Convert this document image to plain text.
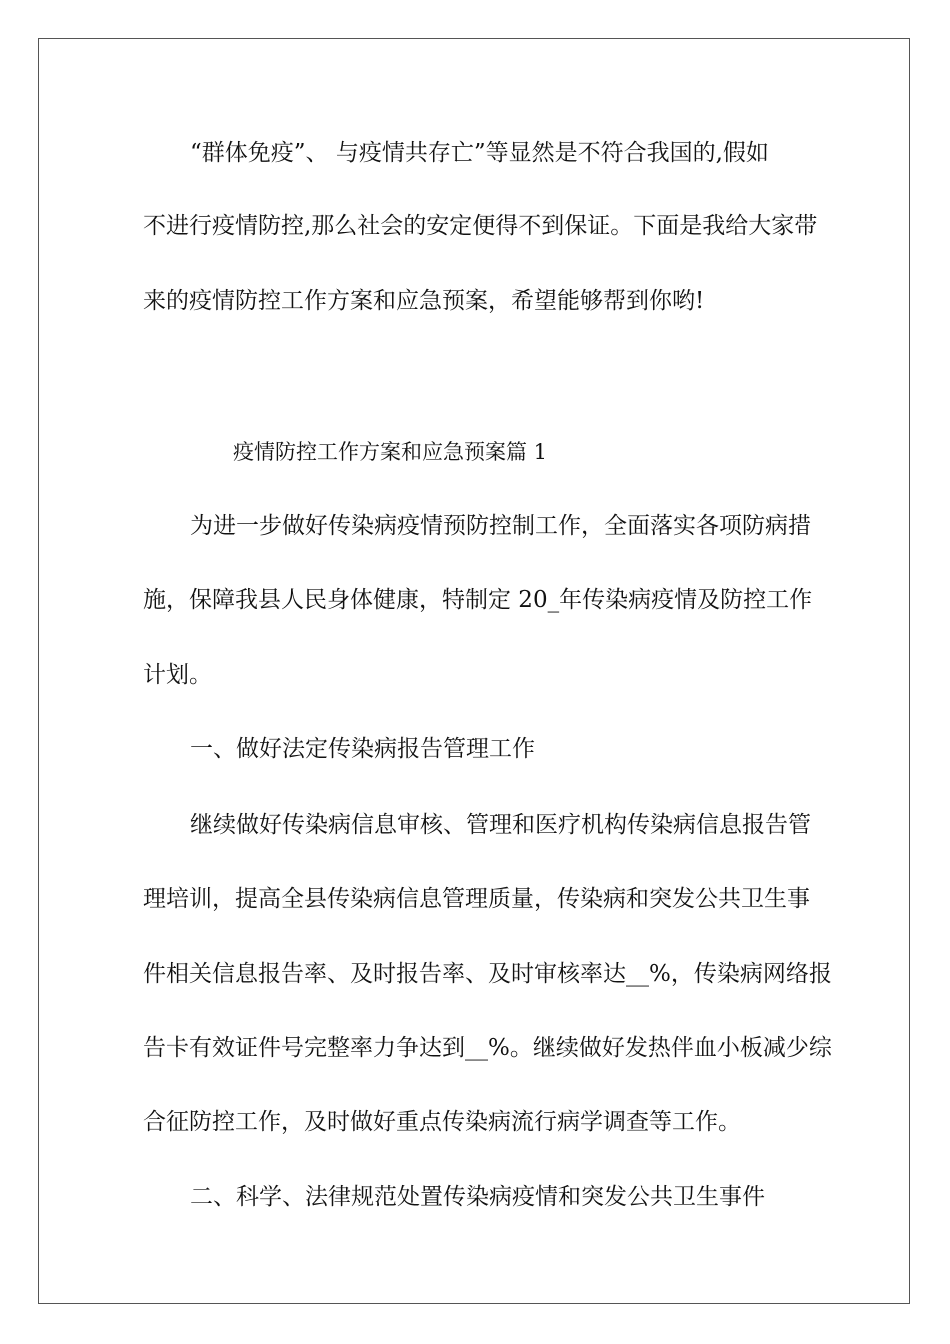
“群体免疫”、 与疫情共存亡”等显然是不符合我国的,假如
不进行疫情防控,那么社会的安定便得不到保证。下面是我给大家带
来的疫情防控工作方案和应急预案，希望能够帮到你哟!
疫情防控工作方案和应急预案篇 1
为进一步做好传染病疫情预防控制工作，全面落实各项防病措
施，保障我县人民身体健康，特制定 20_年传染病疫情及防控工作
计划。
一、做好法定传染病报告管理工作
继续做好传染病信息审核、管理和医疗机构传染病信息报告管
理培训，提高全县传染病信息管理质量，传染病和突发公共卫生事
件相关信息报告率、及时报告率、及时审核率达__%，传染病网络报
告卡有效证件号完整率力争达到__%。继续做好发热伴血小板减少综
合征防控工作，及时做好重点传染病流行病学调查等工作。
二、科学、法律规范处置传染病疫情和突发公共卫生事件
